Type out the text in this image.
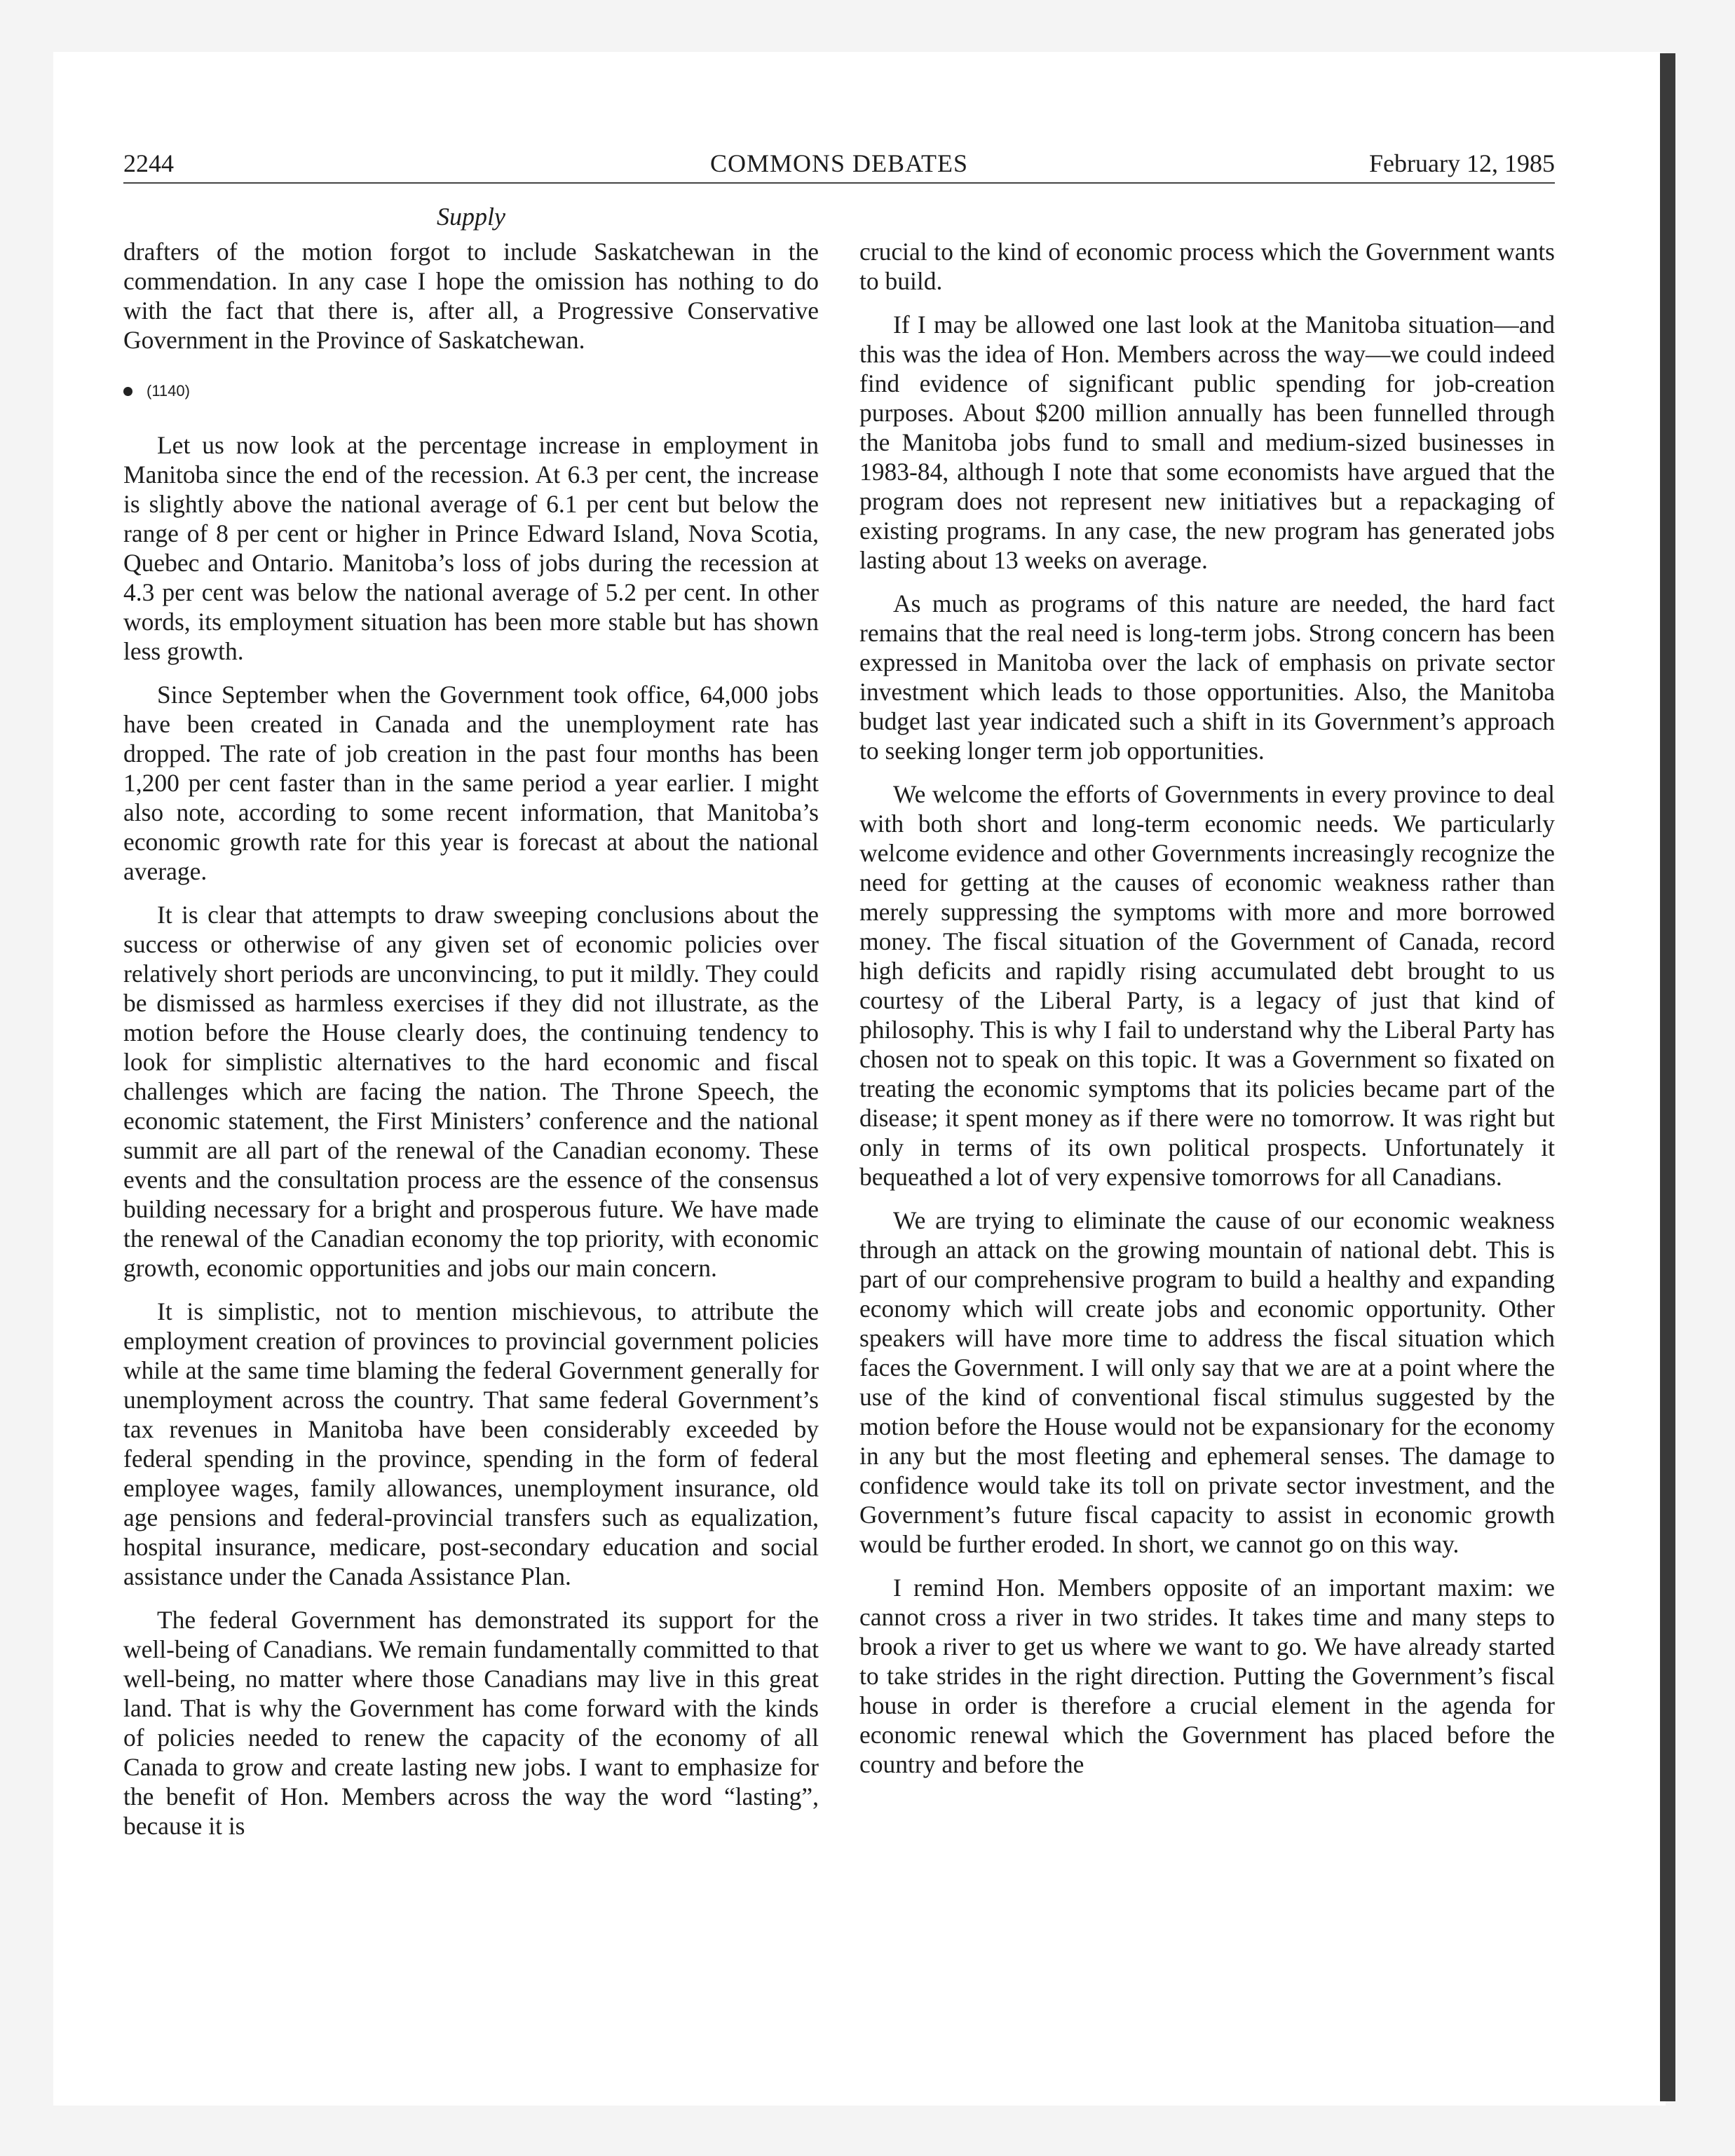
2244	COMMONS DEBATES	February 12, 1985
Supply

drafters of the motion forgot to include Saskatchewan in the commendation. In any case I hope the omission has nothing to do with the fact that there is, after all, a Progressive Conservative Government in the Province of Saskatchewan.

(1140)

Let us now look at the percentage increase in employment in Manitoba since the end of the recession. At 6.3 per cent, the increase is slightly above the national average of 6.1 per cent but below the range of 8 per cent or higher in Prince Edward Island, Nova Scotia, Quebec and Ontario. Manitoba’s loss of jobs during the recession at 4.3 per cent was below the national average of 5.2 per cent. In other words, its employment situation has been more stable but has shown less growth.

Since September when the Government took office, 64,000 jobs have been created in Canada and the unemployment rate has dropped. The rate of job creation in the past four months has been 1,200 per cent faster than in the same period a year earlier. I might also note, according to some recent information, that Manitoba’s economic growth rate for this year is forecast at about the national average.

It is clear that attempts to draw sweeping conclusions about the success or otherwise of any given set of economic policies over relatively short periods are unconvincing, to put it mildly. They could be dismissed as harmless exercises if they did not illustrate, as the motion before the House clearly does, the continuing tendency to look for simplistic alternatives to the hard economic and fiscal challenges which are facing the nation. The Throne Speech, the economic statement, the First Ministers’ conference and the national summit are all part of the renewal of the Canadian economy. These events and the consultation process are the essence of the consensus building necessary for a bright and prosperous future. We have made the renewal of the Canadian economy the top priority, with economic growth, economic opportunities and jobs our main concern.

It is simplistic, not to mention mischievous, to attribute the employment creation of provinces to provincial government policies while at the same time blaming the federal Government generally for unemployment across the country. That same federal Government’s tax revenues in Manitoba have been considerably exceeded by federal spending in the province, spending in the form of federal employee wages, family allowances, unemployment insurance, old age pensions and federal-provincial transfers such as equalization, hospital insurance, medicare, post-secondary education and social assistance under the Canada Assistance Plan.

The federal Government has demonstrated its support for the well-being of Canadians. We remain fundamentally committed to that well-being, no matter where those Canadians may live in this great land. That is why the Government has come forward with the kinds of policies needed to renew the capacity of the economy of all Canada to grow and create lasting new jobs. I want to emphasize for the benefit of Hon. Members across the way the word “lasting”, because it is

crucial to the kind of economic process which the Government wants to build.

If I may be allowed one last look at the Manitoba situation—and this was the idea of Hon. Members across the way—we could indeed find evidence of significant public spending for job-creation purposes. About $200 million annually has been funnelled through the Manitoba jobs fund to small and medium-sized businesses in 1983-84, although I note that some economists have argued that the program does not represent new initiatives but a repackaging of existing programs. In any case, the new program has generated jobs lasting about 13 weeks on average.

As much as programs of this nature are needed, the hard fact remains that the real need is long-term jobs. Strong concern has been expressed in Manitoba over the lack of emphasis on private sector investment which leads to those opportunities. Also, the Manitoba budget last year indicated such a shift in its Government’s approach to seeking longer term job opportunities.

We welcome the efforts of Governments in every province to deal with both short and long-term economic needs. We particularly welcome evidence and other Governments increasingly recognize the need for getting at the causes of economic weakness rather than merely suppressing the symptoms with more and more borrowed money. The fiscal situation of the Government of Canada, record high deficits and rapidly rising accumulated debt brought to us courtesy of the Liberal Party, is a legacy of just that kind of philosophy. This is why I fail to understand why the Liberal Party has chosen not to speak on this topic. It was a Government so fixated on treating the economic symptoms that its policies became part of the disease; it spent money as if there were no tomorrow. It was right but only in terms of its own political prospects. Unfortunately it bequeathed a lot of very expensive tomorrows for all Canadians.

We are trying to eliminate the cause of our economic weakness through an attack on the growing mountain of national debt. This is part of our comprehensive program to build a healthy and expanding economy which will create jobs and economic opportunity. Other speakers will have more time to address the fiscal situation which faces the Government. I will only say that we are at a point where the use of the kind of conventional fiscal stimulus suggested by the motion before the House would not be expansionary for the economy in any but the most fleeting and ephemeral senses. The damage to confidence would take its toll on private sector investment, and the Government’s future fiscal capacity to assist in economic growth would be further eroded. In short, we cannot go on this way.

I remind Hon. Members opposite of an important maxim: we cannot cross a river in two strides. It takes time and many steps to brook a river to get us where we want to go. We have already started to take strides in the right direction. Putting the Government’s fiscal house in order is therefore a crucial element in the agenda for economic renewal which the Government has placed before the country and before the
